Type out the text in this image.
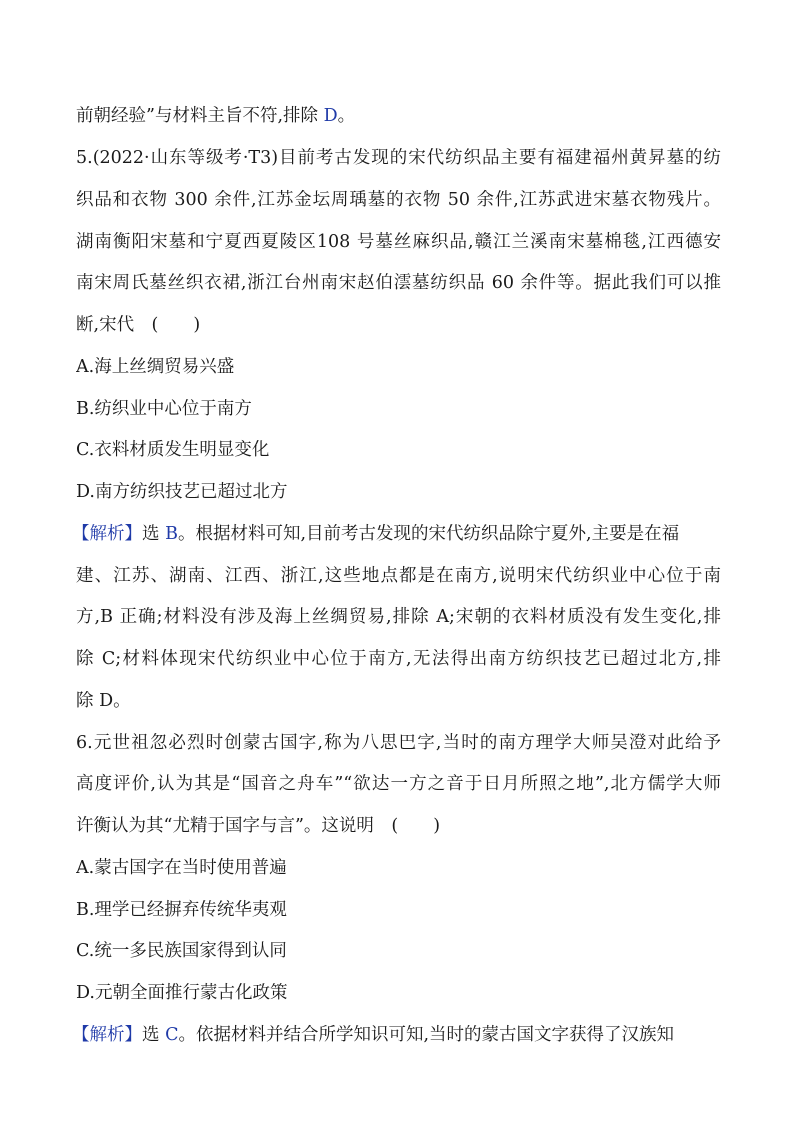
前朝经验”与材料主旨不符,排除 D。
5.(2022·山东等级考·T3)目前考古发现的宋代纺织品主要有福建福州黄昇墓的纺
织品和衣物 300 余件,江苏金坛周瑀墓的衣物 50 余件,江苏武进宋墓衣物残片。
湖南衡阳宋墓和宁夏西夏陵区108 号墓丝麻织品,赣江兰溪南宋墓棉毯,江西德安
南宋周氏墓丝织衣裙,浙江台州南宋赵伯澐墓纺织品 60 余件等。据此我们可以推
断,宋代　(　　)
A.海上丝绸贸易兴盛
B.纺织业中心位于南方
C.衣料材质发生明显变化
D.南方纺织技艺已超过北方
【解析】选 B。根据材料可知,目前考古发现的宋代纺织品除宁夏外,主要是在福
建、江苏、湖南、江西、浙江,这些地点都是在南方,说明宋代纺织业中心位于南
方,B 正确;材料没有涉及海上丝绸贸易,排除 A;宋朝的衣料材质没有发生变化,排
除 C;材料体现宋代纺织业中心位于南方,无法得出南方纺织技艺已超过北方,排
除 D。
6.元世祖忽必烈时创蒙古国字,称为八思巴字,当时的南方理学大师吴澄对此给予
高度评价,认为其是“国音之舟车”“欲达一方之音于日月所照之地”,北方儒学大师
许衡认为其“尤精于国字与言”。这说明　(　　)
A.蒙古国字在当时使用普遍
B.理学已经摒弃传统华夷观
C.统一多民族国家得到认同
D.元朝全面推行蒙古化政策
【解析】选 C。依据材料并结合所学知识可知,当时的蒙古国文字获得了汉族知
